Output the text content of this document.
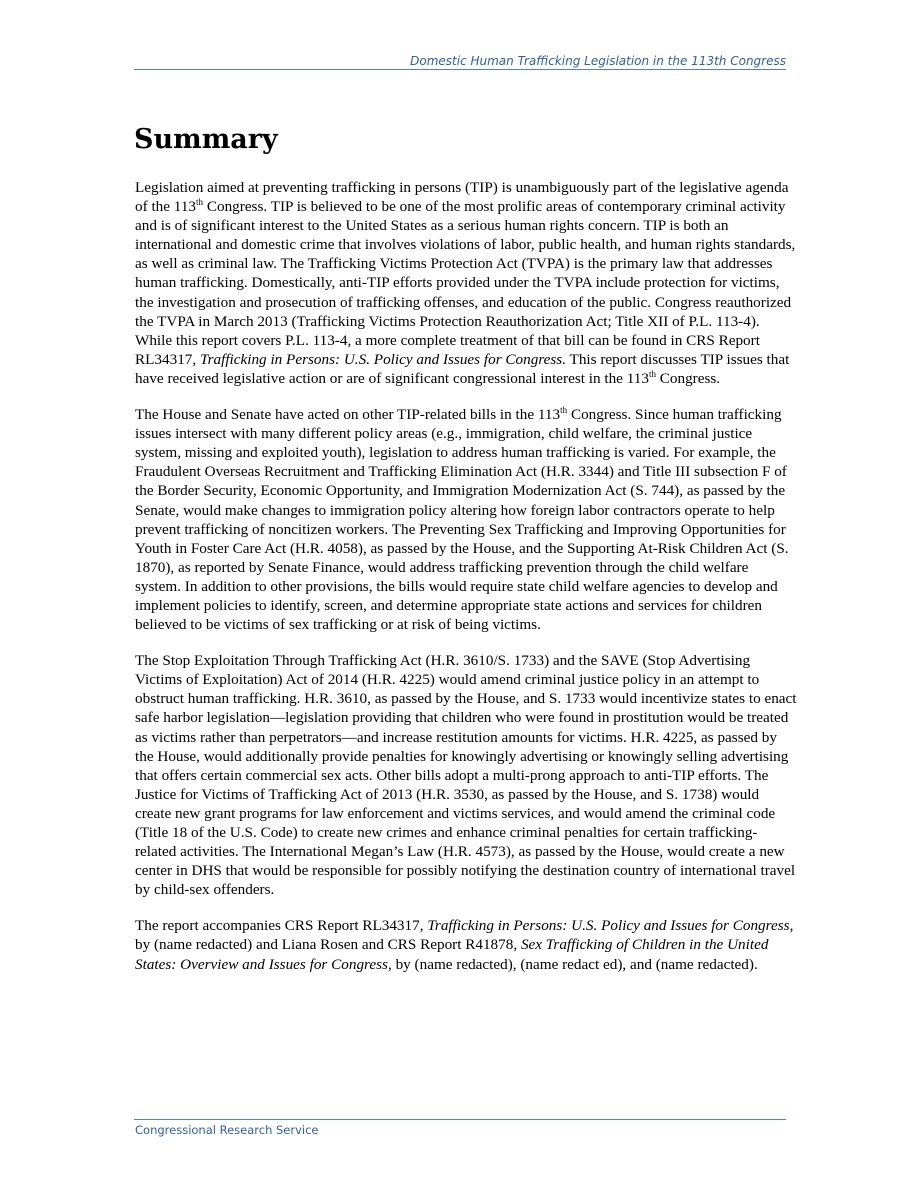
Domestic Human Trafficking Legislation in the 113th Congress
Summary

Legislation aimed at preventing trafficking in persons (TIP) is unambiguously part of the legislative agenda of the 113th Congress. TIP is believed to be one of the most prolific areas of contemporary criminal activity and is of significant interest to the United States as a serious human rights concern. TIP is both an international and domestic crime that involves violations of labor, public health, and human rights standards, as well as criminal law. The Trafficking Victims Protection Act (TVPA) is the primary law that addresses human trafficking. Domestically, anti-TIP efforts provided under the TVPA include protection for victims, the investigation and prosecution of trafficking offenses, and education of the public. Congress reauthorized the TVPA in March 2013 (Trafficking Victims Protection Reauthorization Act; Title XII of P.L. 113-4). While this report covers P.L. 113-4, a more complete treatment of that bill can be found in CRS Report RL34317, Trafficking in Persons: U.S. Policy and Issues for Congress. This report discusses TIP issues that have received legislative action or are of significant congressional interest in the 113th Congress.

The House and Senate have acted on other TIP-related bills in the 113th Congress. Since human trafficking issues intersect with many different policy areas (e.g., immigration, child welfare, the criminal justice system, missing and exploited youth), legislation to address human trafficking is varied. For example, the Fraudulent Overseas Recruitment and Trafficking Elimination Act (H.R. 3344) and Title III subsection F of the Border Security, Economic Opportunity, and Immigration Modernization Act (S. 744), as passed by the Senate, would make changes to immigration policy altering how foreign labor contractors operate to help prevent trafficking of noncitizen workers. The Preventing Sex Trafficking and Improving Opportunities for Youth in Foster Care Act (H.R. 4058), as passed by the House, and the Supporting At-Risk Children Act (S. 1870), as reported by Senate Finance, would address trafficking prevention through the child welfare system. In addition to other provisions, the bills would require state child welfare agencies to develop and implement policies to identify, screen, and determine appropriate state actions and services for children believed to be victims of sex trafficking or at risk of being victims.

The Stop Exploitation Through Trafficking Act (H.R. 3610/S. 1733) and the SAVE (Stop Advertising Victims of Exploitation) Act of 2014 (H.R. 4225) would amend criminal justice policy in an attempt to obstruct human trafficking. H.R. 3610, as passed by the House, and S. 1733 would incentivize states to enact safe harbor legislation—legislation providing that children who were found in prostitution would be treated as victims rather than perpetrators—and increase restitution amounts for victims. H.R. 4225, as passed by the House, would additionally provide penalties for knowingly advertising or knowingly selling advertising that offers certain commercial sex acts. Other bills adopt a multi-prong approach to anti-TIP efforts. The Justice for Victims of Trafficking Act of 2013 (H.R. 3530, as passed by the House, and S. 1738) would create new grant programs for law enforcement and victims services, and would amend the criminal code (Title 18 of the U.S. Code) to create new crimes and enhance criminal penalties for certain trafficking-related activities. The International Megan’s Law (H.R. 4573), as passed by the House, would create a new center in DHS that would be responsible for possibly notifying the destination country of international travel by child-sex offenders.

The report accompanies CRS Report RL34317, Trafficking in Persons: U.S. Policy and Issues for Congress, by (name redacted) and Liana Rosen and CRS Report R41878, Sex Trafficking of Children in the United States: Overview and Issues for Congress, by (name redacted), (name redact ed), and (name redacted).

Congressional Research Service
